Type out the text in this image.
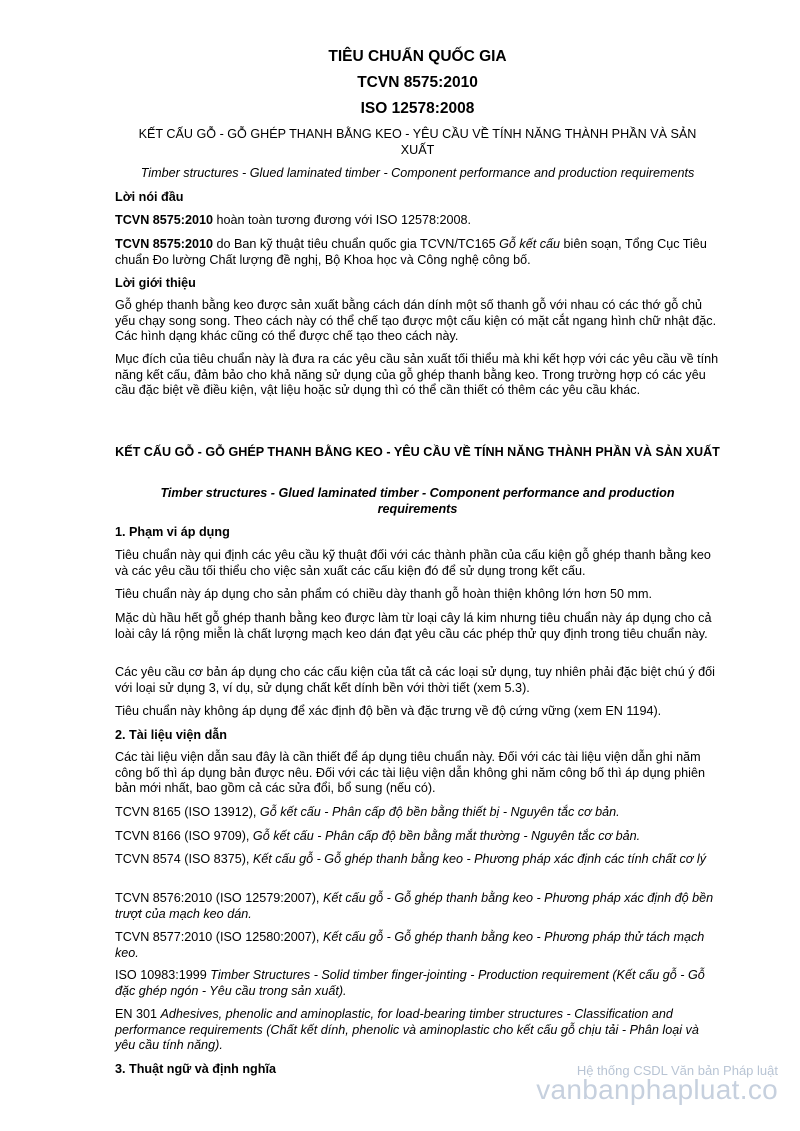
TIÊU CHUẨN QUỐC GIA

TCVN 8575:2010

ISO 12578:2008

KẾT CẤU GỖ - GỖ GHÉP THANH BẰNG KEO - YÊU CẦU VỀ TÍNH NĂNG THÀNH PHẦN VÀ SẢN XUẤT
Timber structures - Glued laminated timber - Component performance and production requirements
Lời nói đầu
TCVN 8575:2010 hoàn toàn tương đương với ISO 12578:2008.
TCVN 8575:2010 do Ban kỹ thuật tiêu chuẩn quốc gia TCVN/TC165 Gỗ kết cấu biên soạn, Tổng Cục Tiêu chuẩn Đo lường Chất lượng đề nghị, Bộ Khoa học và Công nghệ công bố.
Lời giới thiệu
Gỗ ghép thanh bằng keo được sản xuất bằng cách dán dính một số thanh gỗ với nhau có các thớ gỗ chủ yếu chạy song song. Theo cách này có thể chế tạo được một cấu kiện có mặt cắt ngang hình chữ nhật đặc. Các hình dạng khác cũng có thể được chế tạo theo cách này.
Mục đích của tiêu chuẩn này là đưa ra các yêu cầu sản xuất tối thiểu mà khi kết hợp với các yêu cầu về tính năng kết cấu, đảm bảo cho khả năng sử dụng của gỗ ghép thanh bằng keo. Trong trường hợp có các yêu cầu đặc biệt về điều kiện, vật liệu hoặc sử dụng thì có thể cần thiết có thêm các yêu cầu khác.
KẾT CẤU GỖ - GỖ GHÉP THANH BẰNG KEO - YÊU CẦU VỀ TÍNH NĂNG THÀNH PHẦN VÀ SẢN XUẤT
Timber structures - Glued laminated timber - Component performance and production requirements
1. Phạm vi áp dụng
Tiêu chuẩn này qui định các yêu cầu kỹ thuật đối với các thành phần của cấu kiện gỗ ghép thanh bằng keo và các yêu cầu tối thiểu cho việc sản xuất các cấu kiện đó để sử dụng trong kết cấu.
Tiêu chuẩn này áp dụng cho sản phẩm có chiều dày thanh gỗ hoàn thiện không lớn hơn 50 mm.
Mặc dù hầu hết gỗ ghép thanh bằng keo được làm từ loại cây lá kim nhưng tiêu chuẩn này áp dụng cho cả loài cây lá rộng miễn là chất lượng mạch keo dán đạt yêu cầu các phép thử quy định trong tiêu chuẩn này.
Các yêu cầu cơ bản áp dụng cho các cấu kiện của tất cả các loại sử dụng, tuy nhiên phải đặc biệt chú ý đối với loại sử dụng 3, ví dụ, sử dụng chất kết dính bền với thời tiết (xem 5.3).
Tiêu chuẩn này không áp dụng để xác định độ bền và đặc trưng về độ cứng vững (xem EN 1194).
2. Tài liệu viện dẫn
Các tài liệu viện dẫn sau đây là cần thiết để áp dụng tiêu chuẩn này. Đối với các tài liệu viện dẫn ghi năm công bố thì áp dụng bản được nêu. Đối với các tài liệu viện dẫn không ghi năm công bố thì áp dụng phiên bản mới nhất, bao gồm cả các sửa đổi, bổ sung (nếu có).
TCVN 8165 (ISO 13912), Gỗ kết cấu - Phân cấp độ bền bằng thiết bị - Nguyên tắc cơ bản.
TCVN 8166 (ISO 9709), Gỗ kết cấu - Phân cấp độ bền bằng mắt thường - Nguyên tắc cơ bản.
TCVN 8574 (ISO 8375), Kết cấu gỗ - Gỗ ghép thanh bằng keo - Phương pháp xác định các tính chất cơ lý
TCVN 8576:2010 (ISO 12579:2007), Kết cấu gỗ - Gỗ ghép thanh bằng keo - Phương pháp xác định độ bền trượt của mạch keo dán.
TCVN 8577:2010 (ISO 12580:2007), Kết cấu gỗ - Gỗ ghép thanh bằng keo - Phương pháp thử tách mạch keo.
ISO 10983:1999 Timber Structures - Solid timber finger-jointing - Production requirement (Kết cấu gỗ - Gỗ đặc ghép ngón - Yêu cầu trong sản xuất).
EN 301 Adhesives, phenolic and aminoplastic, for load-bearing timber structures - Classification and performance requirements (Chất kết dính, phenolic và aminoplastic cho kết cấu gỗ chịu tải - Phân loại và yêu cầu tính năng).
3. Thuật ngữ và định nghĩa	Hệ thống CSDL Văn bản Pháp luật
vanbanphapluat.co
